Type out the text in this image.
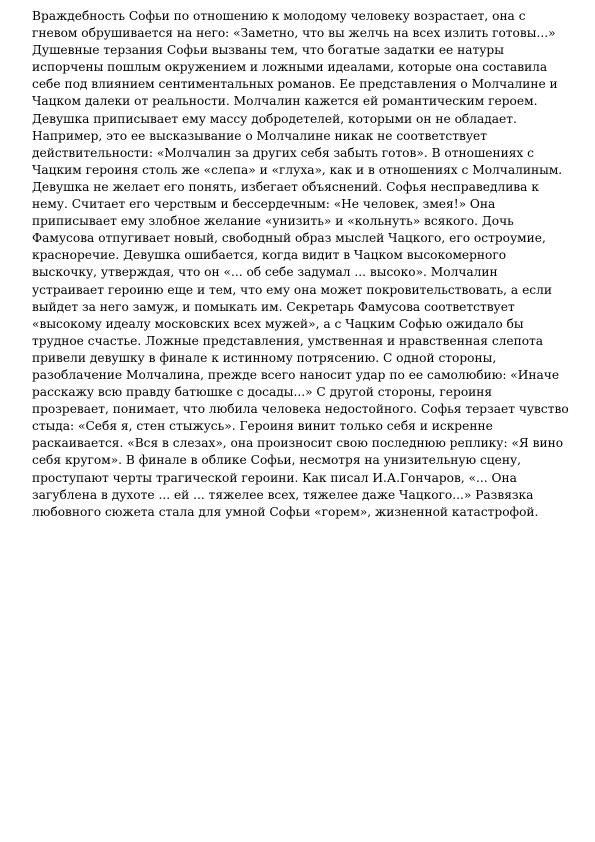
Враждебность Софьи по отношению к молодому человеку возрастает, она с
гневом обрушивается на него: «Заметно, что вы желчь на всех излить готовы...»
Душевные терзания Софьи вызваны тем, что богатые задатки ее натуры
испорчены пошлым окружением и ложными идеалами, которые она составила
себе под влиянием сентиментальных романов. Ее представления о Молчалине и
Чацком далеки от реальности. Молчалин кажется ей романтическим героем.
Девушка приписывает ему массу добродетелей, которыми он не обладает.
Например, это ее высказывание о Молчалине никак не соответствует
действительности: «Молчалин за других себя забыть готов». В отношениях с
Чацким героиня столь же «слепа» и «глуха», как и в отношениях с Молчалиным.
Девушка не желает его понять, избегает объяснений. Софья несправедлива к
нему. Считает его черствым и бессердечным: «Не человек, змея!» Она
приписывает ему злобное желание «унизить» и «кольнуть» всякого. Дочь
Фамусова отпугивает новый, свободный образ мыслей Чацкого, его остроумие,
красноречие. Девушка ошибается, когда видит в Чацком высокомерного
выскочку, утверждая, что он «... об себе задумал ... высоко». Молчалин
устраивает героиню еще и тем, что ему она может покровительствовать, а если
выйдет за него замуж, и помыкать им. Секретарь Фамусова соответствует
«высокому идеалу московских всех мужей», а с Чацким Софью ожидало бы
трудное счастье. Ложные представления, умственная и нравственная слепота
привели девушку в финале к истинному потрясению. С одной стороны,
разоблачение Молчалина, прежде всего наносит удар по ее самолюбию: «Иначе
расскажу всю правду батюшке с досады...» С другой стороны, героиня
прозревает, понимает, что любила человека недостойного. Софья терзает чувство
стыда: «Себя я, стен стыжусь». Героиня винит только себя и искренне
раскаивается. «Вся в слезах», она произносит свою последнюю реплику: «Я вино
себя кругом». В финале в облике Софьи, несмотря на унизительную сцену,
проступают черты трагической героини. Как писал И.А.Гончаров, «... Она
загублена в духоте ... ей ... тяжелее всех, тяжелее даже Чацкого...» Развязка
любовного сюжета стала для умной Софьи «горем», жизненной катастрофой.
